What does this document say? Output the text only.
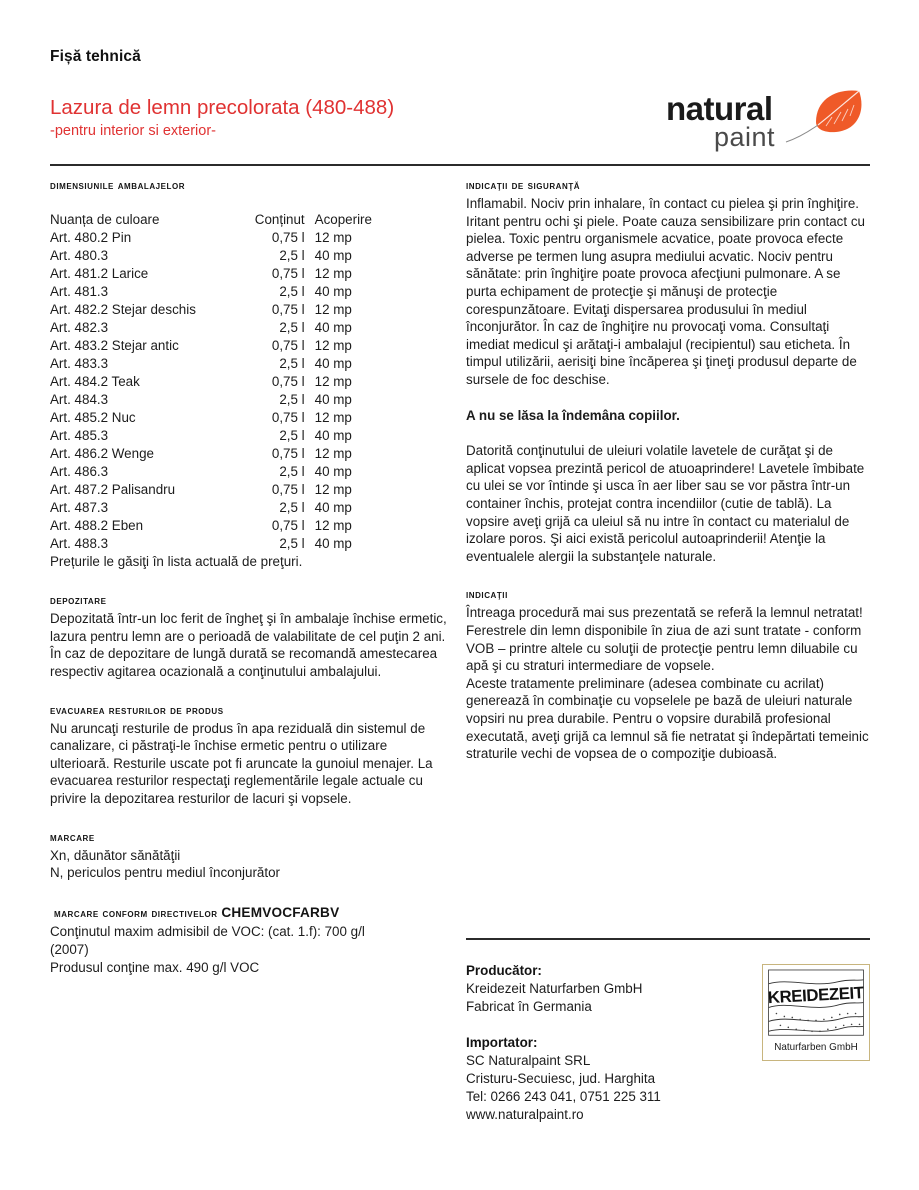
Fișă tehnică
Lazura de lemn precolorata (480-488)
-pentru interior si exterior-
natural
paint
dimensiunile ambalajelor
Nuanța de culoare	Conținut	Acoperire
Art. 480.2 Pin	0,75 l	12 mp
Art. 480.3	2,5 l	40 mp
Art. 481.2 Larice	0,75 l	12 mp
Art. 481.3	2,5 l	40 mp
Art. 482.2 Stejar deschis	0,75 l	12 mp
Art. 482.3	2,5 l	40 mp
Art. 483.2 Stejar antic	0,75 l	12 mp
Art. 483.3	2,5 l	40 mp
Art. 484.2 Teak	0,75 l	12 mp
Art. 484.3	2,5 l	40 mp
Art. 485.2 Nuc	0,75 l	12 mp
Art. 485.3	2,5 l	40 mp
Art. 486.2 Wenge	0,75 l	12 mp
Art. 486.3	2,5 l	40 mp
Art. 487.2 Palisandru	0,75 l	12 mp
Art. 487.3	2,5 l	40 mp
Art. 488.2 Eben	0,75 l	12 mp
Art. 488.3	2,5 l	40 mp
Prețurile le găsiţi în lista actuală de preţuri.
depozitare

Depozitată într-un loc ferit de îngheţ şi în ambalaje închise ermetic, lazura pentru lemn are o perioadă de valabilitate de cel puţin 2 ani. În caz de depozitare de lungă durată se recomandă amestecarea respectiv agitarea ocazională a conţinutului ambalajului.

evacuarea resturilor de produs

Nu aruncaţi resturile de produs în apa reziduală din sistemul de canalizare, ci păstraţi-le închise ermetic pentru o utilizare ulterioară. Resturile uscate pot fi aruncate la gunoiul menajer. La evacuarea resturilor respectaţi reglementările legale actuale cu privire la depozitarea resturilor de lacuri şi vopsele.

marcare

Xn, dăunător sănătăţii

N, periculos pentru mediul înconjurător

marcare conform directivelor CHEMVOCFARBV

Conţinutul maxim admisibil de VOC: (cat. 1.f): 700 g/l

(2007)

Produsul conţine max. 490 g/l VOC

indicaţii de siguranţă

Inflamabil. Nociv prin inhalare, în contact cu pielea şi prin înghiţire. Iritant pentru ochi şi piele. Poate cauza sensibilizare prin contact cu pielea. Toxic pentru organismele acvatice, poate provoca efecte adverse pe termen lung asupra mediului acvatic. Nociv pentru sănătate: prin înghiţire poate provoca afecţiuni pulmonare. A se purta echipament de protecţie şi mănuşi de protecţie corespunzătoare. Evitaţi dispersarea produsului în mediul înconjurător. În caz de înghiţire nu provocaţi voma. Consultaţi imediat medicul şi arătaţi-i ambalajul (recipientul) sau eticheta. În timpul utilizării, aerisiţi bine încăperea şi ţineţi produsul departe de sursele de foc deschise.

A nu se lăsa la îndemâna copiilor.

Datorită conţinutului de uleiuri volatile lavetele de curăţat şi de aplicat vopsea prezintă pericol de atuoaprindere! Lavetele îmbibate cu ulei se vor întinde şi usca în aer liber sau se vor păstra într-un container închis, protejat contra incendiilor (cutie de tablă). La vopsire aveţi grijă ca uleiul să nu intre în contact cu materialul de izolare poros. Şi aici există pericolul autoaprinderii! Atenţie la eventualele alergii la substanţele naturale.

indicaţii

Întreaga procedură mai sus prezentată se referă la lemnul netratat! Ferestrele din lemn disponibile în ziua de azi sunt tratate - conform VOB – printre altele cu soluţii de protecţie pentru lemn diluabile cu apă şi cu straturi intermediare de vopsele.

Aceste tratamente preliminare (adesea combinate cu acrilat) generează în combinaţie cu vopselele pe bază de uleiuri naturale vopsiri nu prea durabile. Pentru o vopsire durabilă profesional executată, aveţi grijă ca lemnul să fie netratat şi îndepărtati temeinic straturile vechi de vopsea de o compoziţie dubioasă.

Producător:
Kreidezeit Naturfarben GmbH
Fabricat în Germania
Importator:
SC Naturalpaint SRL
Cristuru-Secuiesc, jud. Harghita
Tel: 0266 243 041, 0751 225 311
www.naturalpaint.ro
KREIDEZEIT
Naturfarben GmbH
